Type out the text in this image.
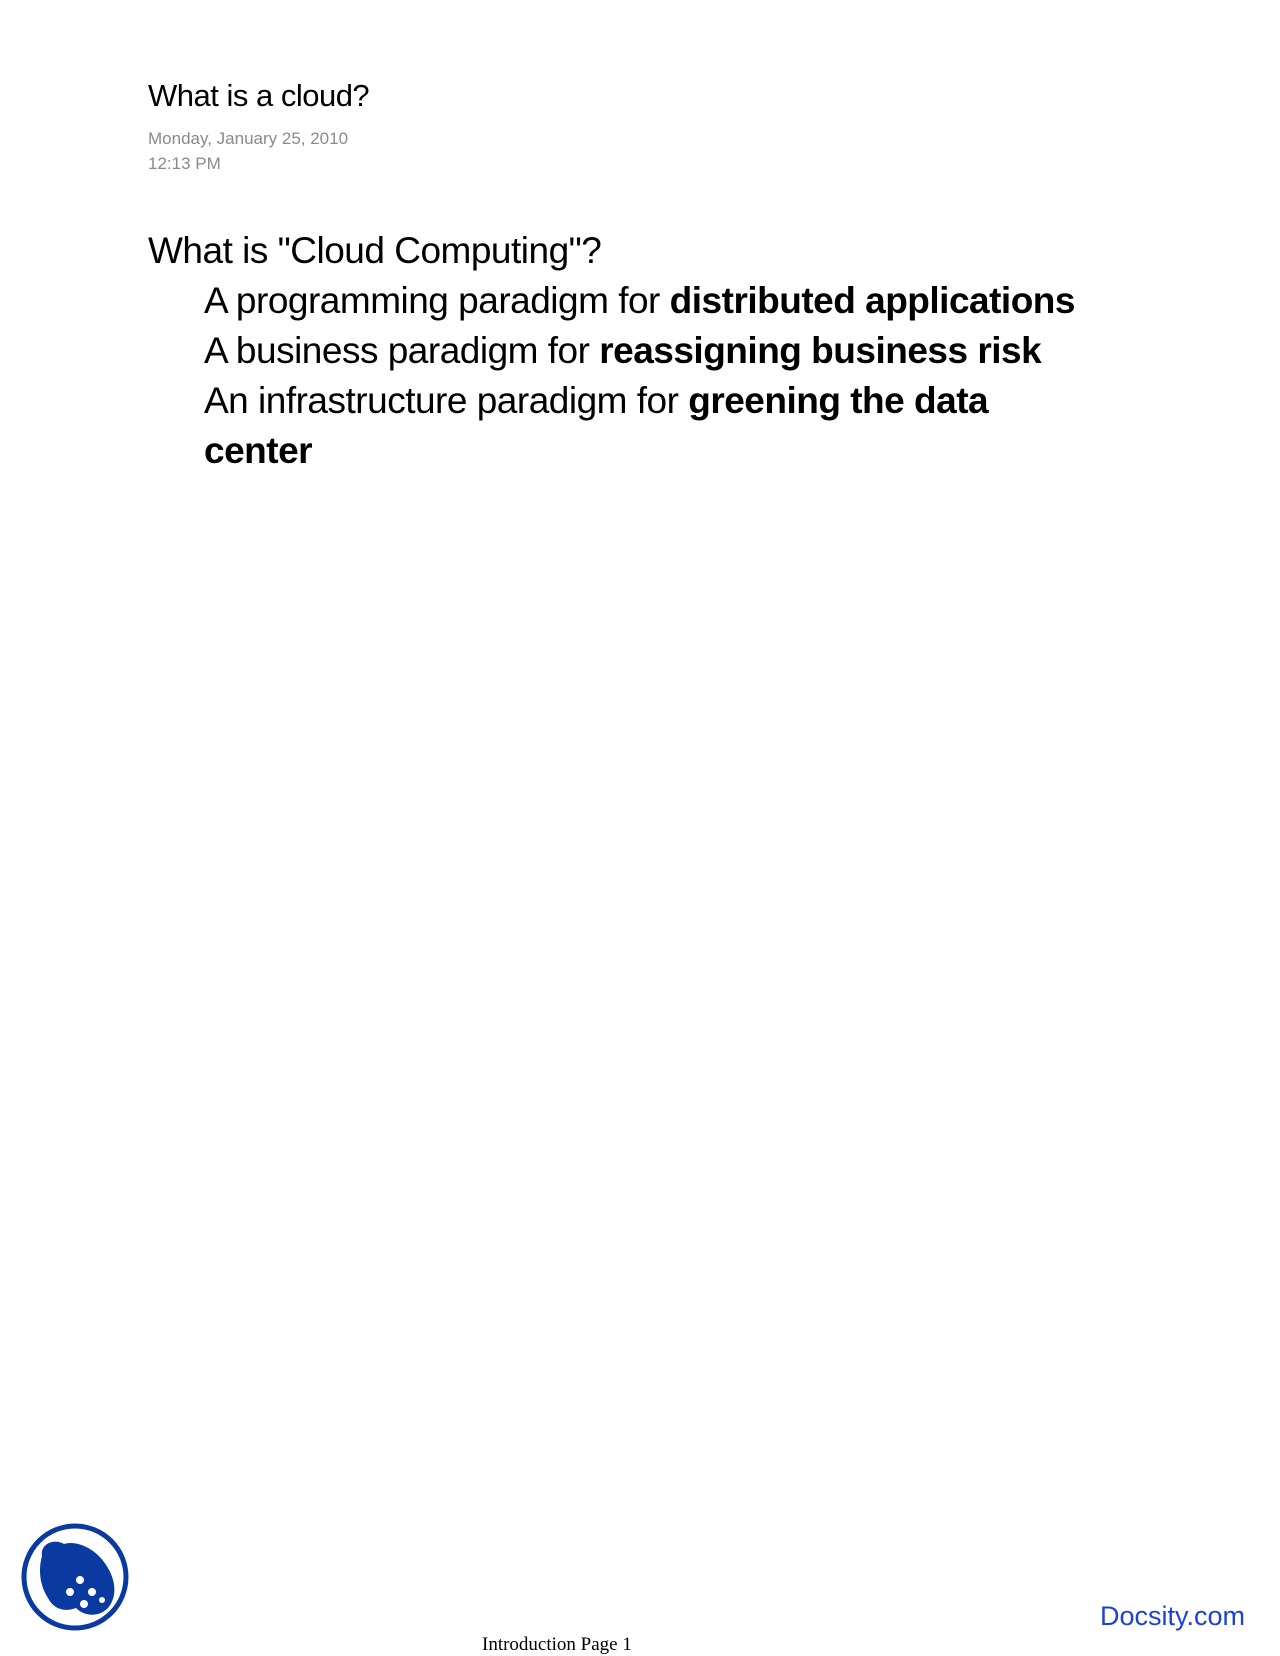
What is a cloud?
Monday, January 25, 2010
12:13 PM
What is "Cloud Computing"?
A programming paradigm for distributed applications
A business paradigm for reassigning business risk
An infrastructure paradigm for greening the data center
Docsity.com
Introduction Page 1
